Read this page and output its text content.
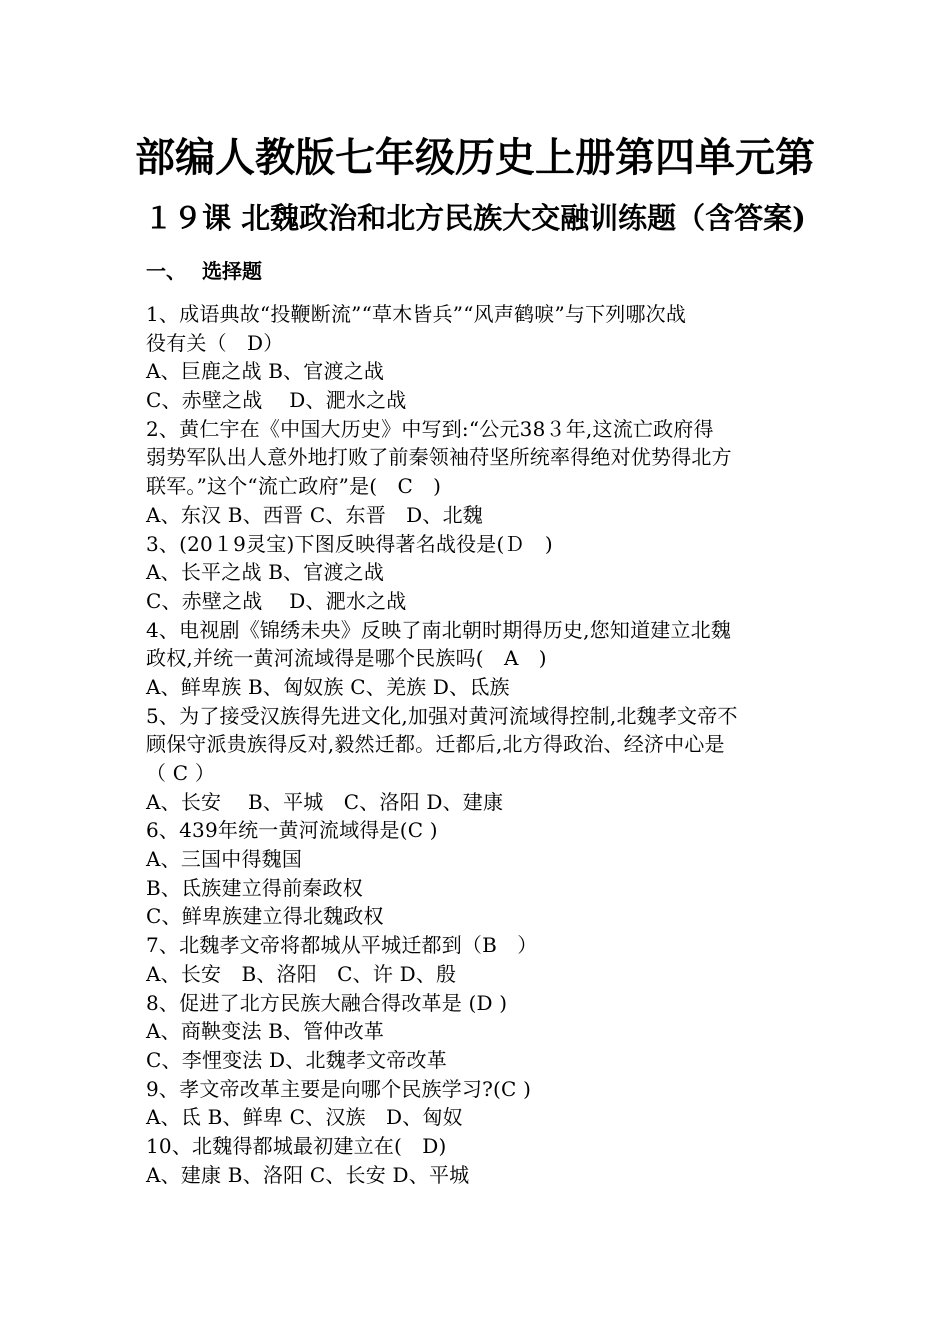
部编人教版七年级历史上册第四单元第
１９课 北魏政治和北方民族大交融训练题（含答案)
一、 选择题
1、成语典故“投鞭断流”“草木皆兵”“风声鹤唳”与下列哪次战
役有关（　D）
A、巨鹿之战 B、官渡之战
C、赤壁之战　 D、淝水之战
2、黄仁宇在《中国大历史》中写到:“公元38３年,这流亡政府得
弱势军队出人意外地打败了前秦领袖苻坚所统率得绝对优势得北方
联军。”这个“流亡政府”是(　C　)
A、东汉 B、西晋 C、东晋　D、北魏
3、(20１9灵宝)下图反映得著名战役是(Ｄ　)
A、长平之战 B、官渡之战
C、赤壁之战　 D、淝水之战
4、电视剧《锦绣未央》反映了南北朝时期得历史,您知道建立北魏
政权,并统一黄河流域得是哪个民族吗(　A　)
A、鲜卑族 B、匈奴族 C、羌族 D、氐族
5、为了接受汉族得先进文化,加强对黄河流域得控制,北魏孝文帝不
顾保守派贵族得反对,毅然迁都。迁都后,北方得政治、经济中心是
（ C ）
A、长安　 B、平城　C、洛阳 D、建康
6、439年统一黄河流域得是(C )
A、三国中得魏国
B、氐族建立得前秦政权
C、鲜卑族建立得北魏政权
7、北魏孝文帝将都城从平城迁都到（B　）
A、长安　B、洛阳　C、许 D、殷
8、促进了北方民族大融合得改革是 (D )
A、商鞅变法 B、管仲改革
C、李悝变法 D、北魏孝文帝改革
9、孝文帝改革主要是向哪个民族学习?(C )
A、氐 B、鲜卑 C、汉族　D、匈奴
10、北魏得都城最初建立在(　D)
A、建康 B、洛阳 C、长安 D、平城
